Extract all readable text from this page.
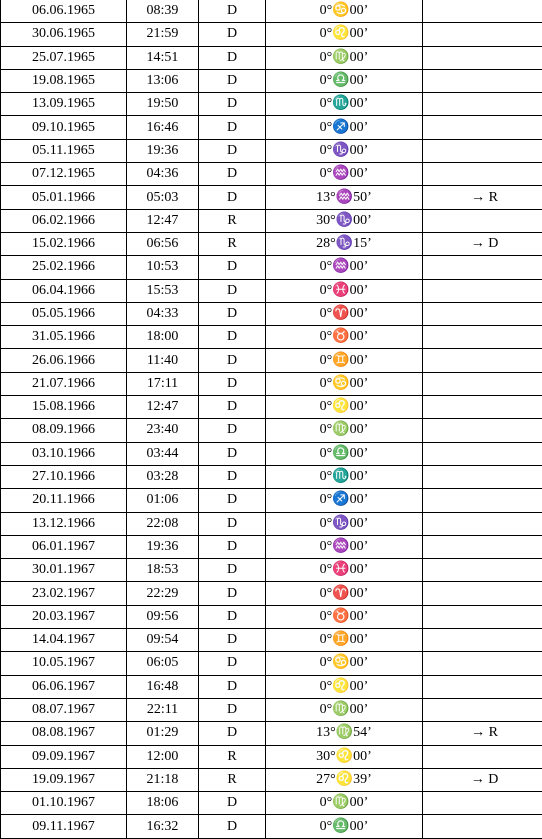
06.06.1965	08:39	D	0°♋00’	
30.06.1965	21:59	D	0°♌00’	
25.07.1965	14:51	D	0°♍00’	
19.08.1965	13:06	D	0°♎00’	
13.09.1965	19:50	D	0°♏00’	
09.10.1965	16:46	D	0°♐00’	
05.11.1965	19:36	D	0°♑00’	
07.12.1965	04:36	D	0°♒00’	
05.01.1966	05:03	D	13°♒50’	→ R
06.02.1966	12:47	R	30°♑00’	
15.02.1966	06:56	R	28°♑15’	→ D
25.02.1966	10:53	D	0°♒00’	
06.04.1966	15:53	D	0°♓00’	
05.05.1966	04:33	D	0°♈00’	
31.05.1966	18:00	D	0°♉00’	
26.06.1966	11:40	D	0°♊00’	
21.07.1966	17:11	D	0°♋00’	
15.08.1966	12:47	D	0°♌00’	
08.09.1966	23:40	D	0°♍00’	
03.10.1966	03:44	D	0°♎00’	
27.10.1966	03:28	D	0°♏00’	
20.11.1966	01:06	D	0°♐00’	
13.12.1966	22:08	D	0°♑00’	
06.01.1967	19:36	D	0°♒00’	
30.01.1967	18:53	D	0°♓00’	
23.02.1967	22:29	D	0°♈00’	
20.03.1967	09:56	D	0°♉00’	
14.04.1967	09:54	D	0°♊00’	
10.05.1967	06:05	D	0°♋00’	
06.06.1967	16:48	D	0°♌00’	
08.07.1967	22:11	D	0°♍00’	
08.08.1967	01:29	D	13°♍54’	→ R
09.09.1967	12:00	R	30°♌00’	
19.09.1967	21:18	R	27°♌39’	→ D
01.10.1967	18:06	D	0°♍00’	
09.11.1967	16:32	D	0°♎00’	
